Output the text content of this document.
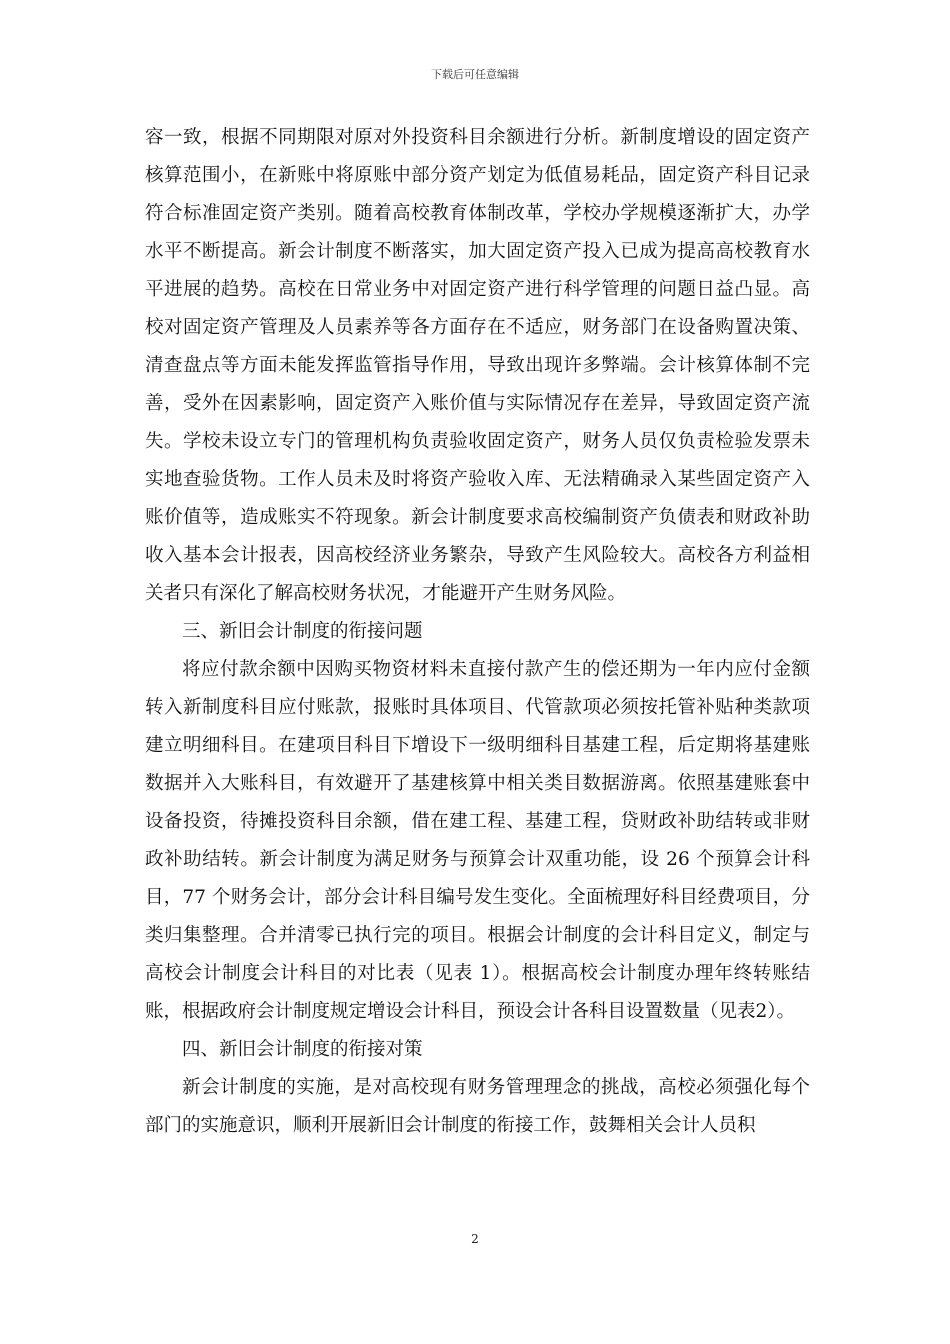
下载后可任意编辑

容一致，根据不同期限对原对外投资科目余额进行分析。新制度增设的固定资产核算范围小，在新账中将原账中部分资产划定为低值易耗品，固定资产科目记录符合标准固定资产类别。随着高校教育体制改革，学校办学规模逐渐扩大，办学水平不断提高。新会计制度不断落实，加大固定资产投入已成为提高高校教育水平进展的趋势。高校在日常业务中对固定资产进行科学管理的问题日益凸显。高校对固定资产管理及人员素养等各方面存在不适应，财务部门在设备购置决策、清查盘点等方面未能发挥监管指导作用，导致出现许多弊端。会计核算体制不完善，受外在因素影响，固定资产入账价值与实际情况存在差异，导致固定资产流失。学校未设立专门的管理机构负责验收固定资产，财务人员仅负责检验发票未实地查验货物。工作人员未及时将资产验收入库、无法精确录入某些固定资产入账价值等，造成账实不符现象。新会计制度要求高校编制资产负债表和财政补助收入基本会计报表，因高校经济业务繁杂，导致产生风险较大。高校各方利益相关者只有深化了解高校财务状况，才能避开产生财务风险。

三、新旧会计制度的衔接问题

将应付款余额中因购买物资材料未直接付款产生的偿还期为一年内应付金额转入新制度科目应付账款，报账时具体项目、代管款项必须按托管补贴种类款项建立明细科目。在建项目科目下增设下一级明细科目基建工程，后定期将基建账数据并入大账科目，有效避开了基建核算中相关类目数据游离。依照基建账套中设备投资，待摊投资科目余额，借在建工程、基建工程，贷财政补助结转或非财政补助结转。新会计制度为满足财务与预算会计双重功能，设 26 个预算会计科目，77 个财务会计，部分会计科目编号发生变化。全面梳理好科目经费项目，分类归集整理。合并清零已执行完的项目。根据会计制度的会计科目定义，制定与高校会计制度会计科目的对比表（见表 1）。根据高校会计制度办理年终转账结账，根据政府会计制度规定增设会计科目，预设会计各科目设置数量（见表2）。

四、新旧会计制度的衔接对策

新会计制度的实施，是对高校现有财务管理理念的挑战，高校必须强化每个部门的实施意识，顺利开展新旧会计制度的衔接工作，鼓舞相关会计人员积

2
